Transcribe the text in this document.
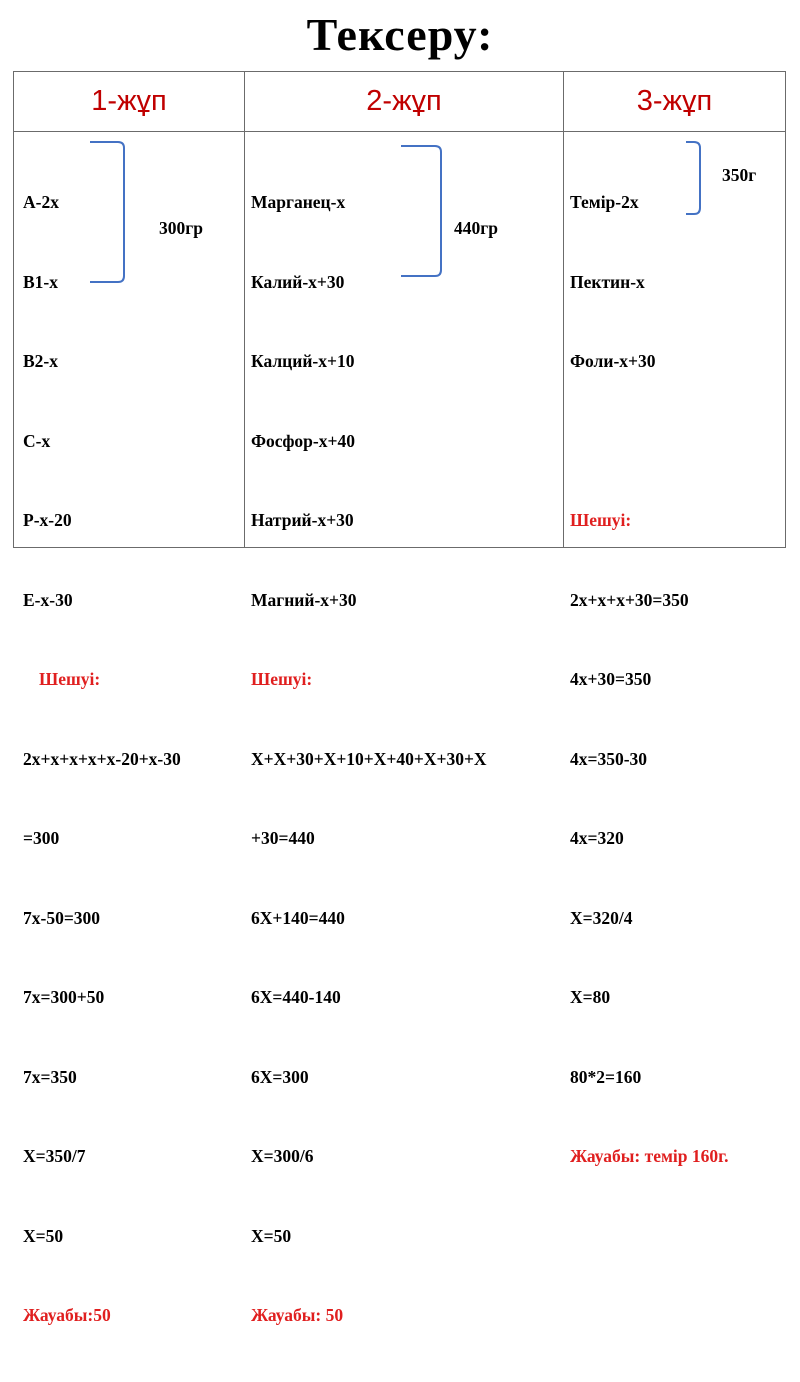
Тексеру:
1-жұп	2-жұп	3-жұп

А-2х

В1-х

В2-х

С-х

Р-х-20

Е-х-30

Шешуі:

2х+х+х+х+х-20+х-30

=300

7х-50=300

7х=300+50

7х=350

Х=350/7

Х=50

Жауабы:50

300гр

Марганец-х

Калий-х+30

Калций-х+10

Фосфор-х+40

Натрий-х+30

Магний-х+30

Шешуі:

Х+Х+30+Х+10+Х+40+Х+30+Х

+30=440

6Х+140=440

6Х=440-140

6Х=300

Х=300/6

Х=50

Жауабы: 50

440гр

Темір-2х

Пектин-х

Фоли-х+30

Шешуі:

2х+х+х+30=350

4х+30=350

4х=350-30

4х=320

Х=320/4

Х=80

80*2=160

Жауабы: темір 160г.

350г
